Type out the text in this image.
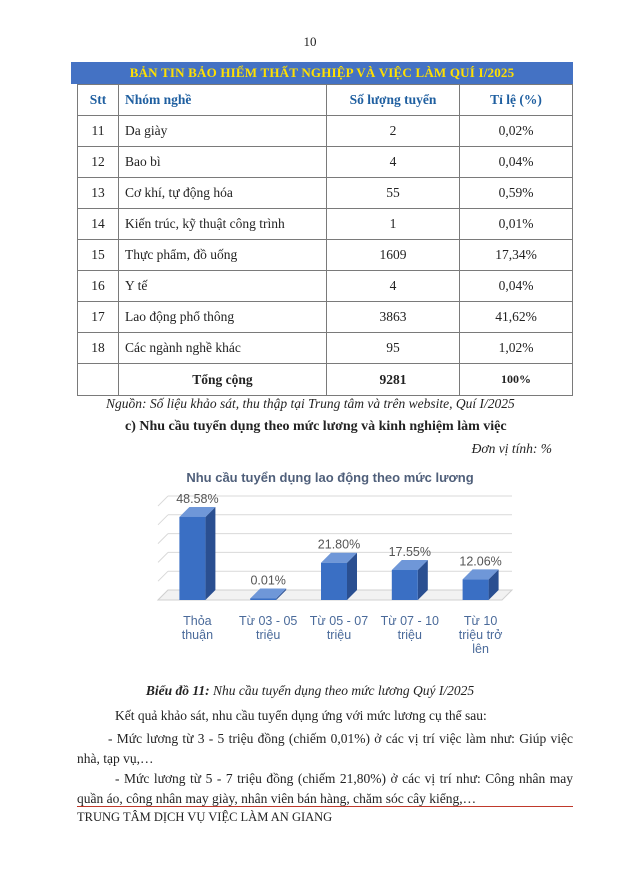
10
BẢN TIN BẢO HIỂM THẤT NGHIỆP VÀ VIỆC LÀM QUÍ I/2025
Stt	Nhóm nghề	Số lượng tuyển	Tỉ lệ (%)
11	Da giày	2	0,02%
12	Bao bì	4	0,04%
13	Cơ khí, tự động hóa	55	0,59%
14	Kiến trúc, kỹ thuật công trình	1	0,01%
15	Thực phẩm, đồ uống	1609	17,34%
16	Y tế	4	0,04%
17	Lao động phổ thông	3863	41,62%
18	Các ngành nghề khác	95	1,02%
	Tổng cộng	9281	100%
Nguồn: Số liệu khảo sát, thu thập tại Trung tâm và trên website, Quí I/2025
c) Nhu cầu tuyển dụng theo mức lương và kinh nghiệm làm việc
Đơn vị tính: %
48.58%
Thỏa
thuận
0.01%
Từ 03 - 05
triệu
21.80%
Từ 05 - 07
triệu
17.55%
Từ 07 - 10
triệu
12.06%
Từ 10
triệu trở
lên
Nhu cầu tuyển dụng lao động theo mức lương
Biểu đồ 11: Nhu cầu tuyển dụng theo mức lương Quý I/2025
Kết quả khảo sát, nhu cầu tuyển dụng ứng với mức lương cụ thể sau:
- Mức lương từ 3 - 5 triệu đồng (chiếm 0,01%) ở các vị trí việc làm như: Giúp việc nhà, tạp vụ,…
- Mức lương từ 5 - 7 triệu đồng (chiếm 21,80%) ở các vị trí như: Công nhân may quần áo, công nhân may giày, nhân viên bán hàng, chăm sóc cây kiểng,…
TRUNG TÂM DỊCH VỤ VIỆC LÀM AN GIANG
